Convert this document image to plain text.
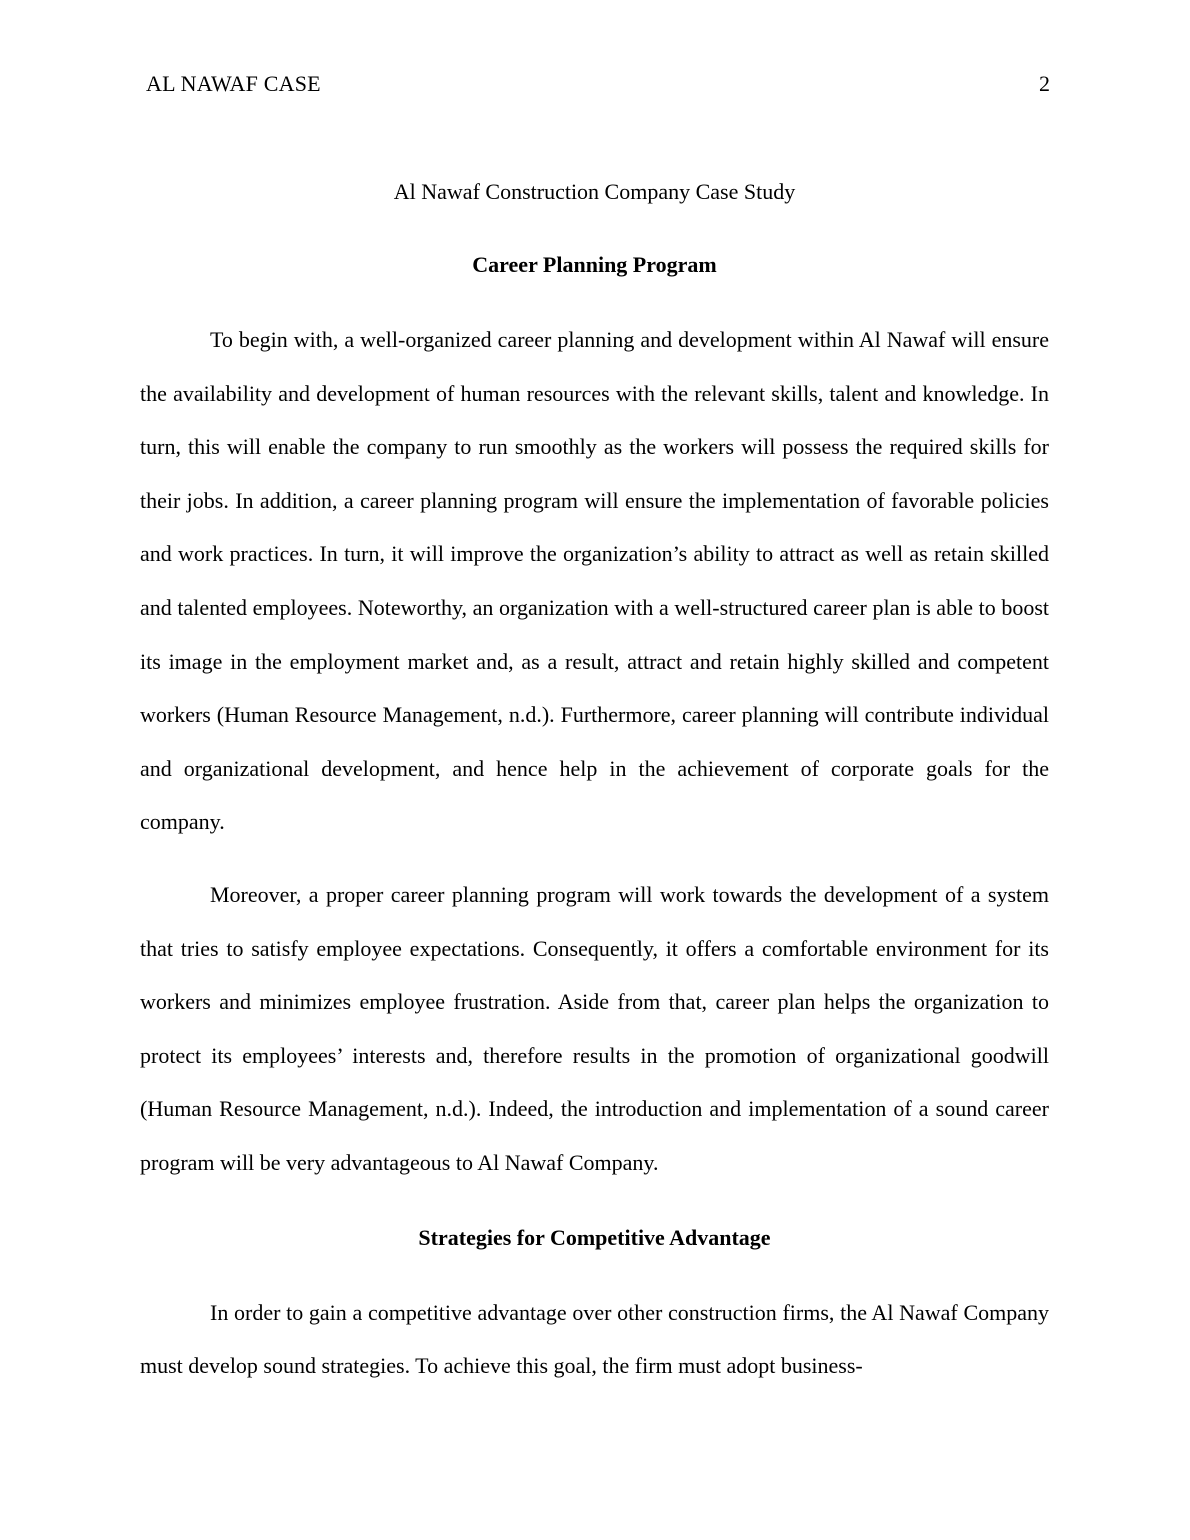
AL NAWAF CASE	2
Al Nawaf Construction Company Case Study
Career Planning Program

To begin with, a well-organized career planning and development within Al Nawaf will ensure the availability and development of human resources with the relevant skills, talent and knowledge. In turn, this will enable the company to run smoothly as the workers will possess the required skills for their jobs. In addition, a career planning program will ensure the implementation of favorable policies and work practices. In turn, it will improve the organization’s ability to attract as well as retain skilled and talented employees. Noteworthy, an organization with a well-structured career plan is able to boost its image in the employment market and, as a result, attract and retain highly skilled and competent workers (Human Resource Management, n.d.). Furthermore, career planning will contribute individual and organizational development, and hence help in the achievement of corporate goals for the company.

Moreover, a proper career planning program will work towards the development of a system that tries to satisfy employee expectations. Consequently, it offers a comfortable environment for its workers and minimizes employee frustration. Aside from that, career plan helps the organization to protect its employees’ interests and, therefore results in the promotion of organizational goodwill (Human Resource Management, n.d.). Indeed, the introduction and implementation of a sound career program will be very advantageous to Al Nawaf Company.

Strategies for Competitive Advantage

In order to gain a competitive advantage over other construction firms, the Al Nawaf Company must develop sound strategies. To achieve this goal, the firm must adopt business-
